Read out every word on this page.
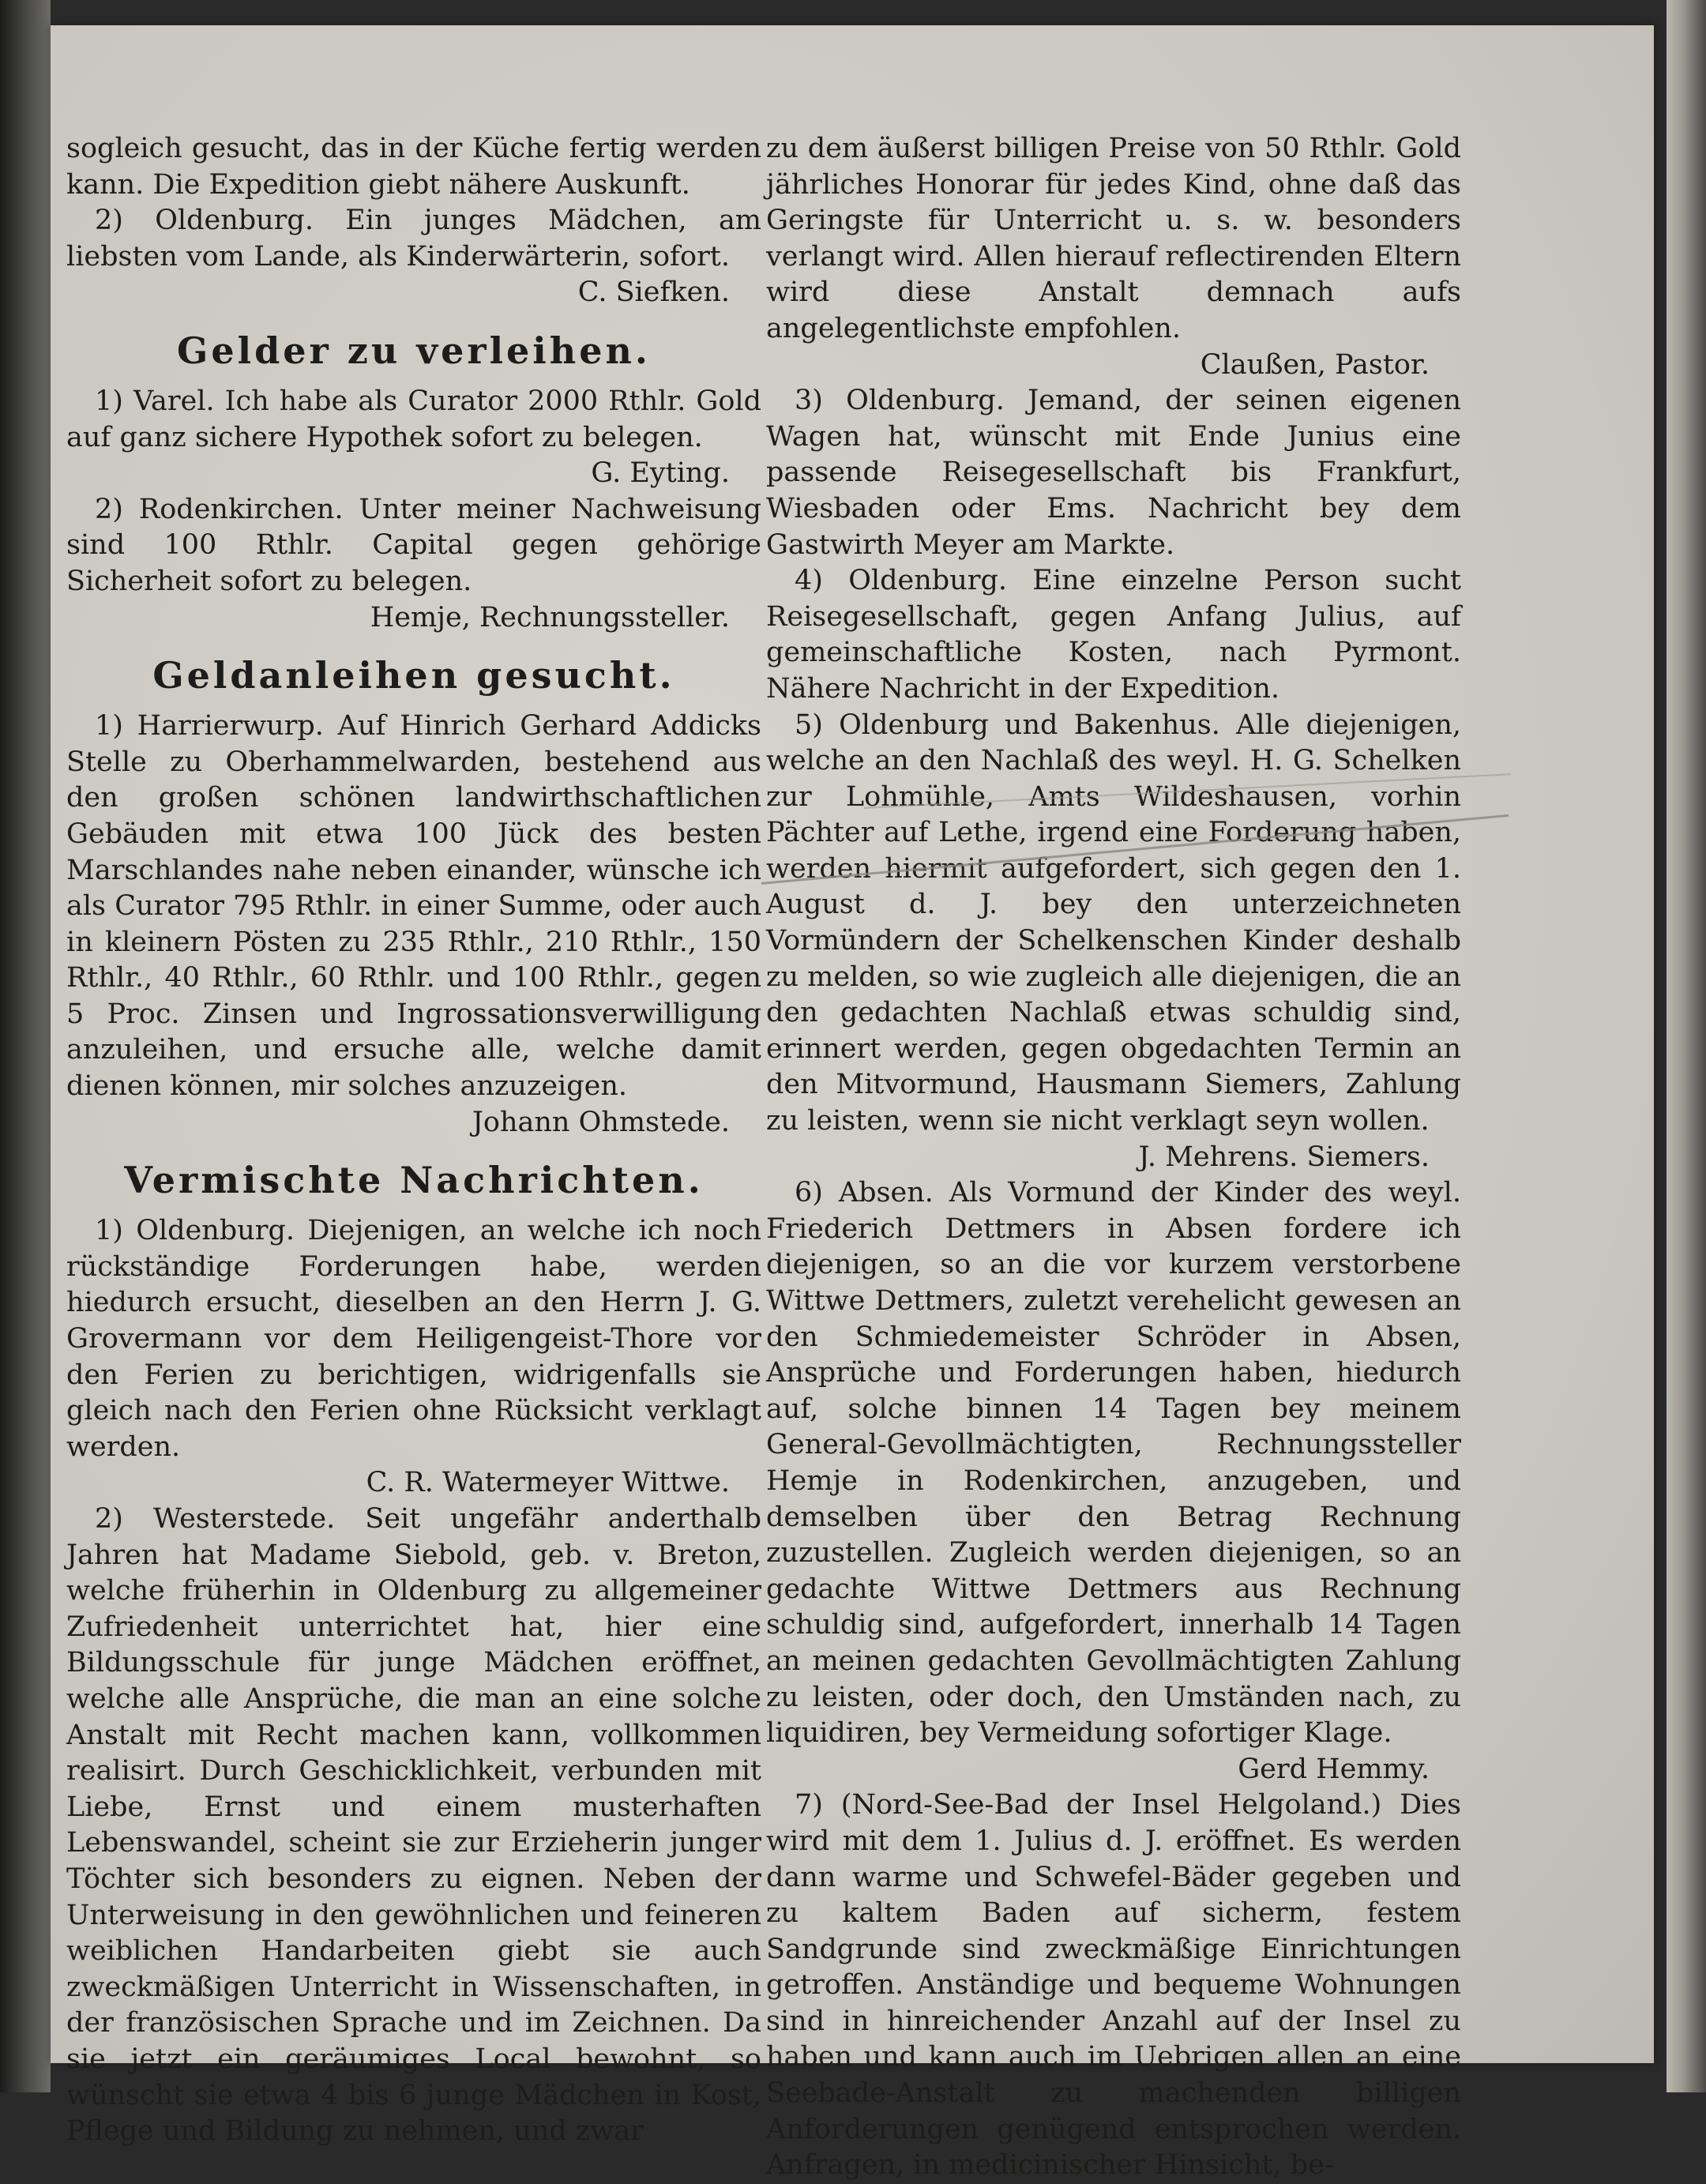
sogleich gesucht, das in der Küche fertig werden kann. Die Expedition giebt nähere Auskunft.

2) Oldenburg. Ein junges Mädchen, am liebsten vom Lande, als Kinderwärterin, sofort.

C. Siefken.

Gelder zu verleihen.

1) Varel. Ich habe als Curator 2000 Rthlr. Gold auf ganz sichere Hypothek sofort zu belegen.

G. Eyting.

2) Rodenkirchen. Unter meiner Nachweisung sind 100 Rthlr. Capital gegen gehörige Sicherheit sofort zu belegen.

Hemje, Rechnungssteller.

Geldanleihen gesucht.

1) Harrierwurp. Auf Hinrich Gerhard Addicks Stelle zu Oberhammelwarden, bestehend aus den großen schönen landwirthschaftlichen Gebäuden mit etwa 100 Jück des besten Marschlandes nahe neben einander, wünsche ich als Curator 795 Rthlr. in einer Summe, oder auch in kleinern Pösten zu 235 Rthlr., 210 Rthlr., 150 Rthlr., 40 Rthlr., 60 Rthlr. und 100 Rthlr., gegen 5 Proc. Zinsen und Ingrossationsverwilligung anzuleihen, und ersuche alle, welche damit dienen können, mir solches anzuzeigen.

Johann Ohmstede.

Vermischte Nachrichten.

1) Oldenburg. Diejenigen, an welche ich noch rückständige Forderungen habe, werden hiedurch ersucht, dieselben an den Herrn J. G. Grovermann vor dem Heiligengeist-Thore vor den Ferien zu berichtigen, widrigenfalls sie gleich nach den Ferien ohne Rücksicht verklagt werden.

C. R. Watermeyer Wittwe.

2) Westerstede. Seit ungefähr anderthalb Jahren hat Madame Siebold, geb. v. Breton, welche früherhin in Oldenburg zu allgemeiner Zufriedenheit unterrichtet hat, hier eine Bildungsschule für junge Mädchen eröffnet, welche alle Ansprüche, die man an eine solche Anstalt mit Recht machen kann, vollkommen realisirt. Durch Geschicklichkeit, verbunden mit Liebe, Ernst und einem musterhaften Lebenswandel, scheint sie zur Erzieherin junger Töchter sich besonders zu eignen. Neben der Unterweisung in den gewöhnlichen und feineren weiblichen Handarbeiten giebt sie auch zweckmäßigen Unterricht in Wissenschaften, in der französischen Sprache und im Zeichnen. Da sie jetzt ein geräumiges Local bewohnt, so wünscht sie etwa 4 bis 6 junge Mädchen in Kost, Pflege und Bildung zu nehmen, und zwar

zu dem äußerst billigen Preise von 50 Rthlr. Gold jährliches Honorar für jedes Kind, ohne daß das Geringste für Unterricht u. s. w. besonders verlangt wird. Allen hierauf reflectirenden Eltern wird diese Anstalt demnach aufs angelegentlichste empfohlen.

Claußen, Pastor.

3) Oldenburg. Jemand, der seinen eigenen Wagen hat, wünscht mit Ende Junius eine passende Reisegesellschaft bis Frankfurt, Wiesbaden oder Ems. Nachricht bey dem Gastwirth Meyer am Markte.

4) Oldenburg. Eine einzelne Person sucht Reisegesellschaft, gegen Anfang Julius, auf gemeinschaftliche Kosten, nach Pyrmont. Nähere Nachricht in der Expedition.

5) Oldenburg und Bakenhus. Alle diejenigen, welche an den Nachlaß des weyl. H. G. Schelken zur Lohmühle, Amts Wildeshausen, vorhin Pächter auf Lethe, irgend eine Forderung haben, werden hiermit aufgefordert, sich gegen den 1. August d. J. bey den unterzeichneten Vormündern der Schelkenschen Kinder deshalb zu melden, so wie zugleich alle diejenigen, die an den gedachten Nachlaß etwas schuldig sind, erinnert werden, gegen obgedachten Termin an den Mitvormund, Hausmann Siemers, Zahlung zu leisten, wenn sie nicht verklagt seyn wollen.

J. Mehrens. Siemers.

6) Absen. Als Vormund der Kinder des weyl. Friederich Dettmers in Absen fordere ich diejenigen, so an die vor kurzem verstorbene Wittwe Dettmers, zuletzt verehelicht gewesen an den Schmiedemeister Schröder in Absen, Ansprüche und Forderungen haben, hiedurch auf, solche binnen 14 Tagen bey meinem General-Gevollmächtigten, Rechnungssteller Hemje in Rodenkirchen, anzugeben, und demselben über den Betrag Rechnung zuzustellen. Zugleich werden diejenigen, so an gedachte Wittwe Dettmers aus Rechnung schuldig sind, aufgefordert, innerhalb 14 Tagen an meinen gedachten Gevollmächtigten Zahlung zu leisten, oder doch, den Umständen nach, zu liquidiren, bey Vermeidung sofortiger Klage.

Gerd Hemmy.

7) (Nord-See-Bad der Insel Helgoland.) Dies wird mit dem 1. Julius d. J. eröffnet. Es werden dann warme und Schwefel-Bäder gegeben und zu kaltem Baden auf sicherm, festem Sandgrunde sind zweckmäßige Einrichtungen getroffen. Anständige und bequeme Wohnungen sind in hinreichender Anzahl auf der Insel zu haben und kann auch im Uebrigen allen an eine Seebade-Anstalt zu machenden billigen Anforderungen genügend entsprochen werden. Anfragen, in medicinischer Hinsicht, be-
